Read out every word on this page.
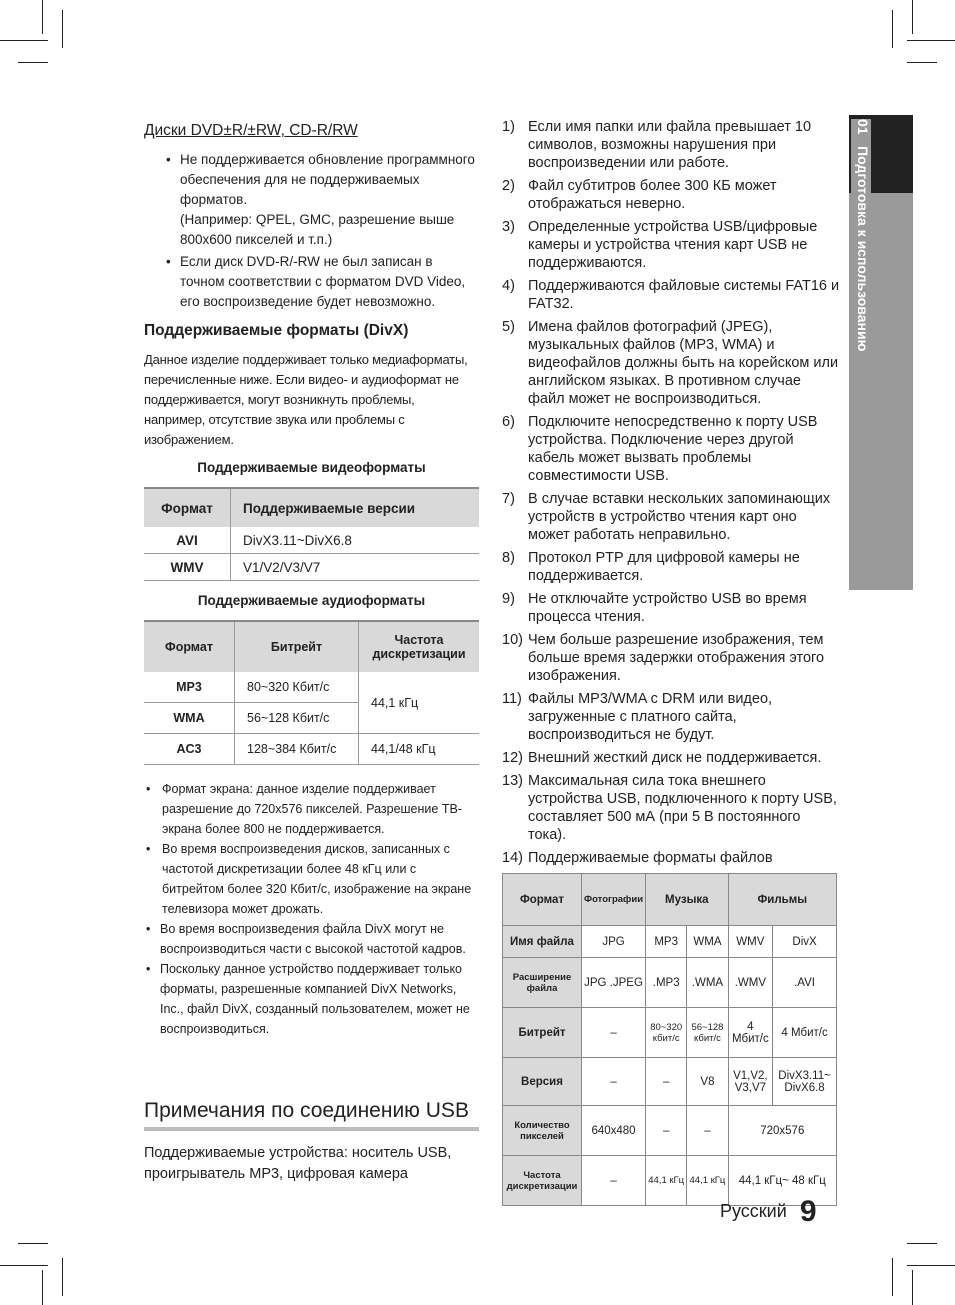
01   Подготовка к использованию
Диски DVD±R/±RW, CD-R/RW
• Не поддерживается обновление программного обеспечения для не поддерживаемых форматов.
(Например: QPEL, GMC, разрешение выше 800x600 пикселей и т.п.)
• Если диск DVD-R/-RW не был записан в точном соответствии с форматом DVD Video, его воспроизведение будет невозможно.
Поддерживаемые форматы (DivX)

Данное изделие поддерживает только медиаформаты, перечисленные ниже. Если видео- и аудиоформат не поддерживается, могут возникнуть проблемы, например, отсутствие звука или проблемы с изображением.

Поддерживаемые видеоформаты
Формат	Поддерживаемые версии
AVI	DivX3.11~DivX6.8
WMV	V1/V2/V3/V7
Поддерживаемые аудиоформаты
Формат	Битрейт	Частота дискретизации
MP3	80~320 Кбит/с	44,1 кГц
WMA	56~128 Кбит/с	
AC3	128~384 Кбит/с	44,1/48 кГц
• Формат экрана: данное изделие поддерживает разрешение до 720x576 пикселей. Разрешение ТВ-экрана более 800 не поддерживается.
• Во время воспроизведения дисков, записанных с частотой дискретизации более 48 кГц или с битрейтом более 320 Кбит/с, изображение на экране телевизора может дрожать.
• Во время воспроизведения файла DivX могут не воспроизводиться части с высокой частотой кадров.
• Поскольку данное устройство поддерживает только форматы, разрешенные компанией DivX Networks, Inc., файл DivX, созданный пользователем, может не воспроизводиться.
Примечания по соединению USB
Поддерживаемые устройства: носитель USB, проигрыватель MP3, цифровая камера
1) Если имя папки или файла превышает 10 символов, возможны нарушения при воспроизведении или работе.
2) Файл субтитров более 300 КБ может отображаться неверно.
3) Определенные устройства USB/цифровые камеры и устройства чтения карт USB не поддерживаются.
4) Поддерживаются файловые системы FAT16 и FAT32.
5) Имена файлов фотографий (JPEG), музыкальных файлов (MP3, WMA) и видеофайлов должны быть на корейском или английском языках. В противном случае файл может не воспроизводиться.
6) Подключите непосредственно к порту USB устройства. Подключение через другой кабель может вызвать проблемы совместимости USB.
7) В случае вставки нескольких запоминающих устройств в устройство чтения карт оно может работать неправильно.
8) Протокол PTP для цифровой камеры не поддерживается.
9) Не отключайте устройство USB во время процесса чтения.
10) Чем больше разрешение изображения, тем больше время задержки отображения этого изображения.
11) Файлы MP3/WMA с DRM или видео, загруженные с платного сайта, воспроизводиться не будут.
12) Внешний жесткий диск не поддерживается.
13) Максимальная сила тока внешнего устройства USB, подключенного к порту USB, составляет 500 мА (при 5 В постоянного тока).
14) Поддерживаемые форматы файлов
Формат	Фотографии	Музыка		Фильмы	
Имя файла	JPG	MP3	WMA	WMV	DivX
Расширение файла	JPG .JPEG	.MP3	.WMA	.WMV	.AVI
Битрейт	–	80~320 кбит/с	56~128 кбит/с	4 Мбит/с	4 Мбит/с
Версия	–	–	V8	V1,V2, V3,V7	DivX3.11~ DivX6.8
Количество пикселей	640x480	–	–	720x576	
Частота дискретизации	–	44,1 кГц	44,1 кГц	44,1 кГц~ 48 кГц	
Русский 9
